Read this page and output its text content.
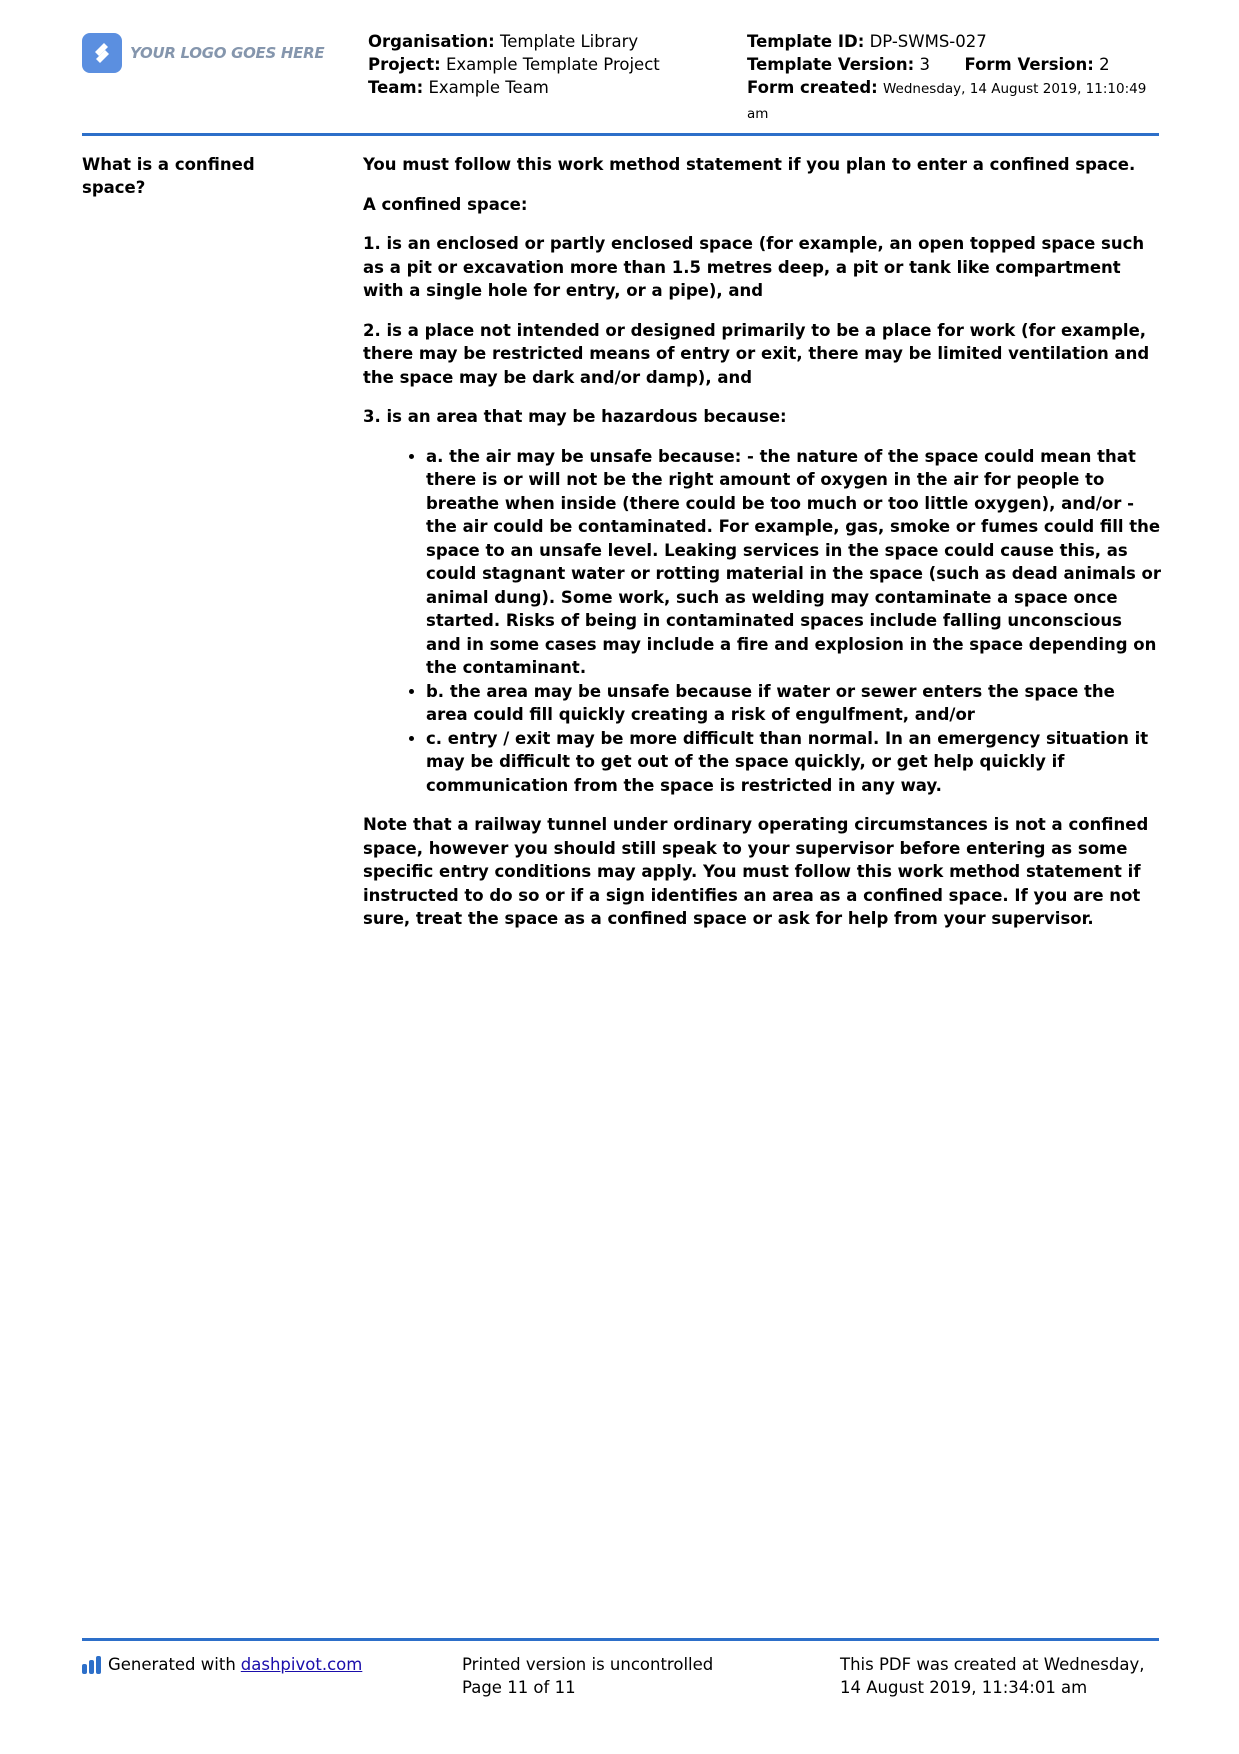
YOUR LOGO GOES HERE
Organisation: Template Library
Project: Example Template Project
Team: Example Team
Template ID: DP-SWMS-027
Template Version: 3 Form Version: 2
Form created: Wednesday, 14 August 2019, 11:10:49 am
What is a confined space?

You must follow this work method statement if you plan to enter a confined space.

A confined space:

1. is an enclosed or partly enclosed space (for example, an open topped space such as a pit or excavation more than 1.5 metres deep, a pit or tank like compartment with a single hole for entry, or a pipe), and

2. is a place not intended or designed primarily to be a place for work (for example, there may be restricted means of entry or exit, there may be limited ventilation and the space may be dark and/or damp), and

3. is an area that may be hazardous because:

• a. the air may be unsafe because: - the nature of the space could mean that there is or will not be the right amount of oxygen in the air for people to breathe when inside (there could be too much or too little oxygen), and/or - the air could be contaminated. For example, gas, smoke or fumes could fill the space to an unsafe level. Leaking services in the space could cause this, as could stagnant water or rotting material in the space (such as dead animals or animal dung). Some work, such as welding may contaminate a space once started. Risks of being in contaminated spaces include falling unconscious and in some cases may include a fire and explosion in the space depending on the contaminant.
• b. the area may be unsafe because if water or sewer enters the space the area could fill quickly creating a risk of engulfment, and/or
• c. entry / exit may be more difficult than normal. In an emergency situation it may be difficult to get out of the space quickly, or get help quickly if communication from the space is restricted in any way.

Note that a railway tunnel under ordinary operating circumstances is not a confined space, however you should still speak to your supervisor before entering as some specific entry conditions may apply. You must follow this work method statement if instructed to do so or if a sign identifies an area as a confined space. If you are not sure, treat the space as a confined space or ask for help from your supervisor.

Generated with dashpivot.com	Printed version is uncontrolled
Page 11 of 11
This PDF was created at Wednesday, 14 August 2019, 11:34:01 am
